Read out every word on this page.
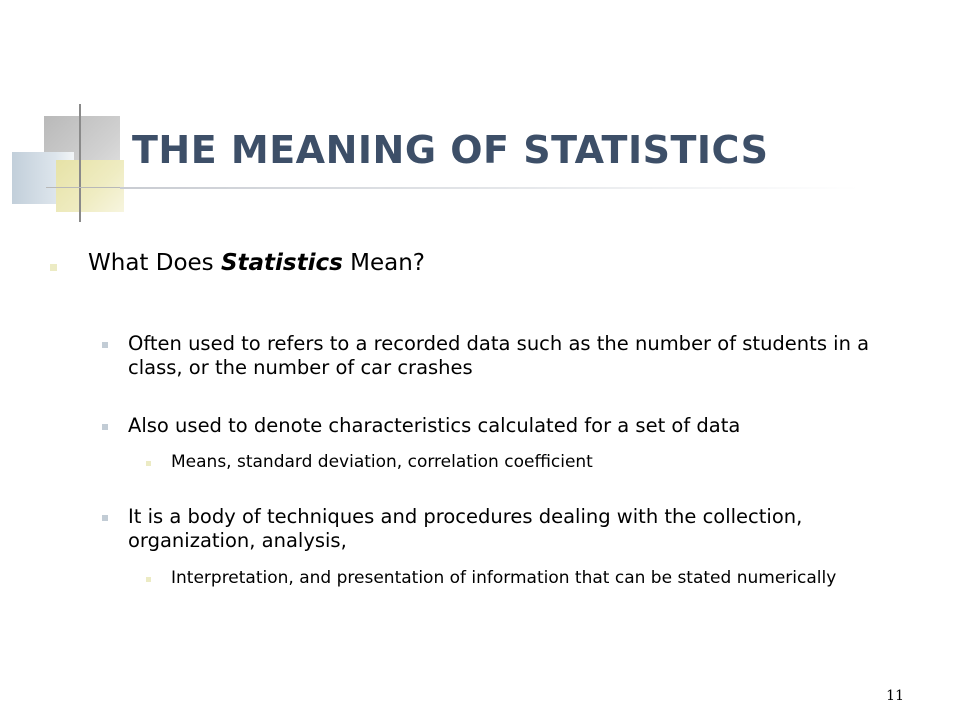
THE MEANING OF STATISTICS

What Does Statistics Mean?

Often used to refers to a recorded data such as the number of students in a class, or the number of car crashes

Also used to denote characteristics calculated for a set of data

Means, standard deviation, correlation coefficient

It is a body of techniques and procedures dealing with the collection, organization, analysis,

Interpretation, and presentation of information that can be stated numerically

11
